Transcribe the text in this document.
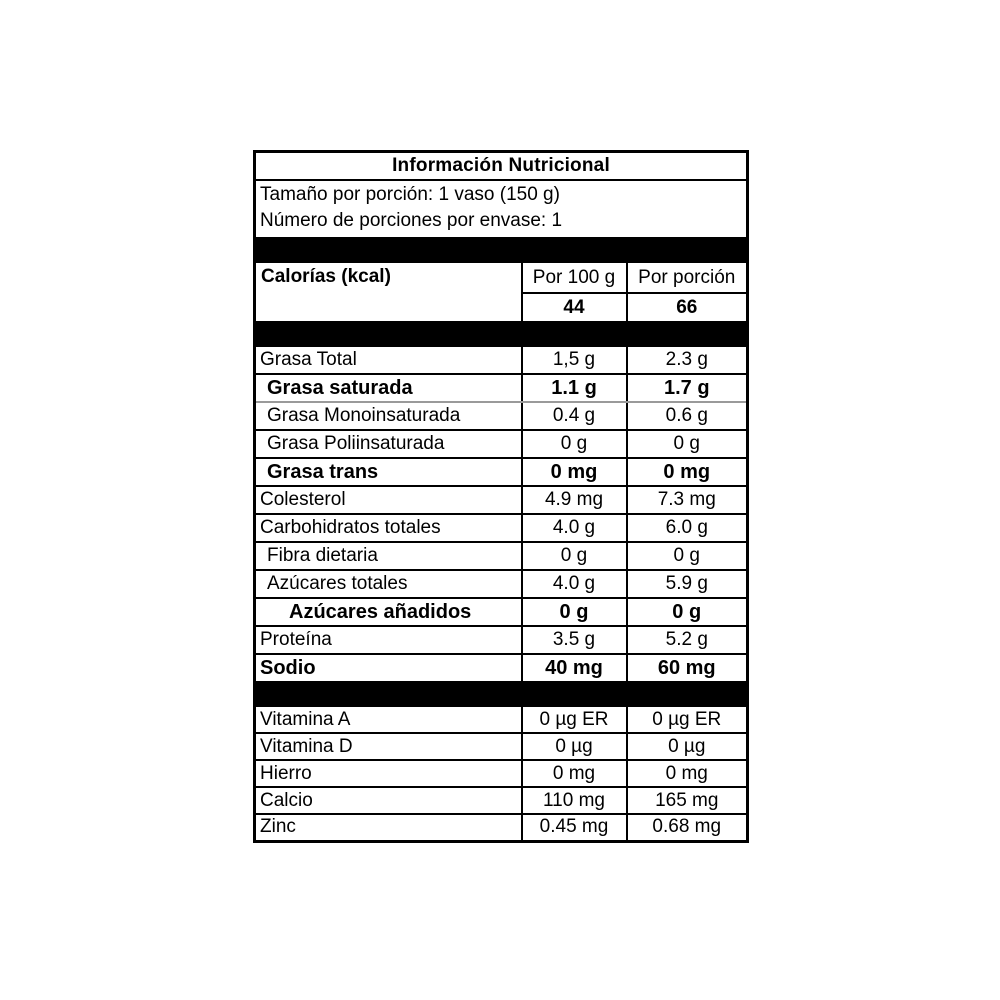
Información Nutricional		

Tamaño por porción: 1 vaso (150 g)
Número de porciones por envase: 1		

Calorías (kcal)	Por 100 g	Por porción
	44	66

Grasa Total	1,5 g	2.3 g
Grasa saturada	1.1 g	1.7 g
Grasa Monoinsaturada	0.4 g	0.6 g
Grasa Poliinsaturada	0 g	0 g
Grasa trans	0 mg	0 mg
Colesterol	4.9 mg	7.3 mg
Carbohidratos totales	4.0 g	6.0 g
Fibra dietaria	0 g	0 g
Azúcares totales	4.0 g	5.9 g
Azúcares añadidos	0 g	0 g
Proteína	3.5 g	5.2 g
Sodio	40 mg	60 mg

Vitamina A	0 µg ER	0 µg ER
Vitamina D	0 µg	0 µg
Hierro	0 mg	0 mg
Calcio	110 mg	165 mg
Zinc	0.45 mg	0.68 mg
